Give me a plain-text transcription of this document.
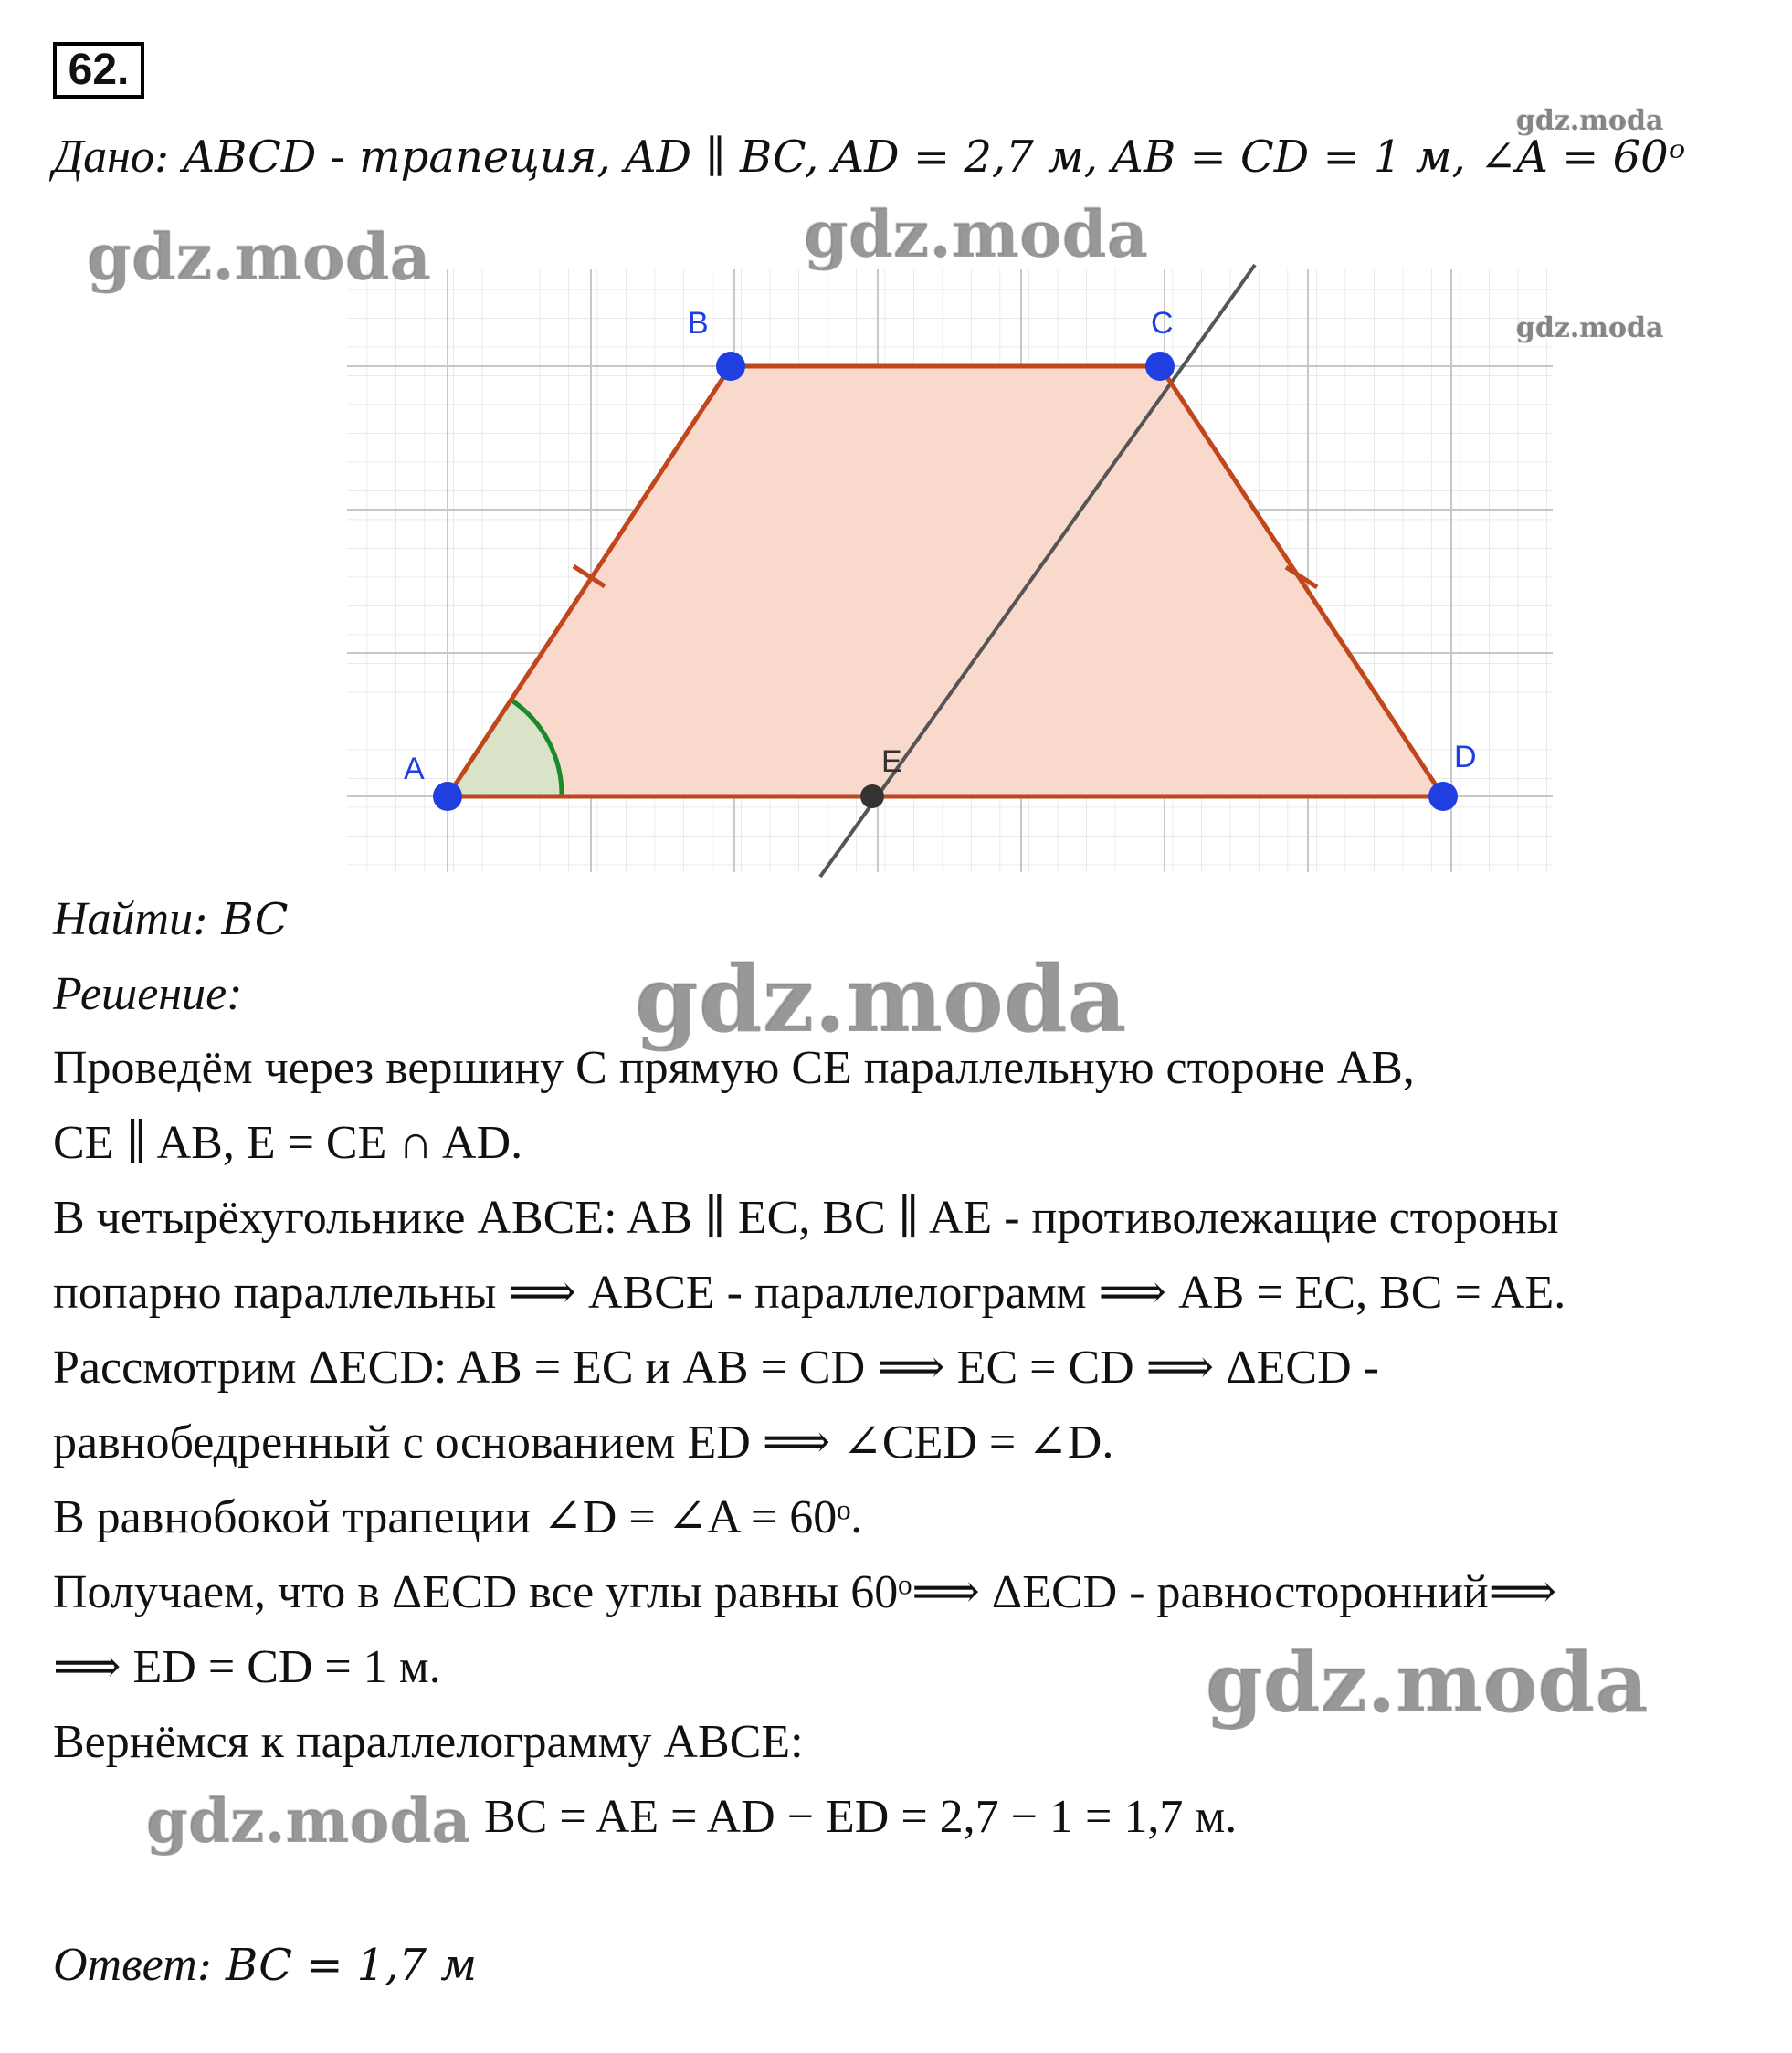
62.
Дано: ABCD - трапеция, AD ∥ BC, AD = 2,7 м, AB = CD = 1 м, ∠A = 60ᵒ
A
B	C
D
E
Найти: BC
Решение:
Проведём через вершину C прямую CE параллельную стороне AB,
CE ∥ AB, E = CE ∩ AD.
В четырёхугольнике ABCE: AB ∥ EC, BC ∥ AE - противолежащие стороны
попарно параллельны ⟹ ABCE - параллелограмм ⟹ AB = EC, BC = AE.
Рассмотрим ΔECD: AB = EC и AB = CD ⟹ EC = CD ⟹ ΔECD -
равнобедренный с основанием ED ⟹ ∠CED = ∠D.
В равнобокой трапеции ∠D = ∠A = 60ᵒ.
Получаем, что в ΔECD все углы равны 60ᵒ⟹ ΔECD - равносторонний⟹
⟹ ED = CD = 1 м.
Вернёмся к параллелограмму ABCE:
BC = AE = AD − ED = 2,7 − 1 = 1,7 м.
Ответ: BC = 1,7 м
gdz.moda
gdz.moda
gdz.moda
gdz.moda
gdz.moda
gdz.moda
gdz.moda
